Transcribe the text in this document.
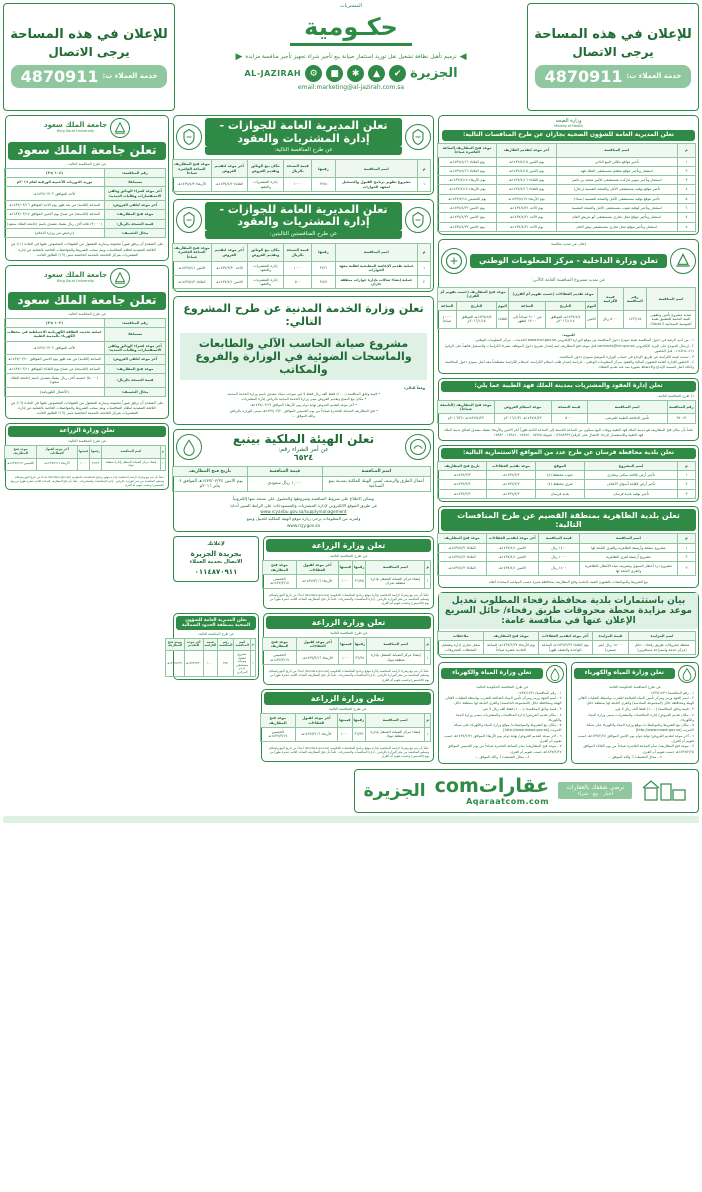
للإعلان في هذه المساحة
يرجى الاتصال
خدمة العملاء ت:
4870911
المشتريات
حكـومية
◀
ترميم تأهيل نظافة تشغيل نقل توريد استثمار صيانة بيع تأجير شراء تجهيز تأجير منافسة مزايدة
▶
الجزيرة
✔
▲
✱
■
⚙
AL-JAZIRAH
email:marketing@al-jazirah.com.sa
للإعلان في هذه المساحة
يرجى الاتصال
خدمة العملاء ت:
4870911
وزارة الصحة
Ministry of Health
تعلن المديرية العامة للشؤون الصحية بجازان عن طرح المنافسات التالية:
م	اسم المنافسة	آخر موعد لتقديم الظاريف	موعد فتح المظاريف الساعة العاشرة صباحاً
١	تأجير مواقع مكائن البيع الذاتي	يوم الاثنين ١٤٣٧/٤/١٥هـ	يوم الثلاثاء ١٤٣٧/٤/١٦هـ
٢	استثمار وتأجير موقع مطعم بمستشفى الملك فهد	يوم الاثنين ١٤٣٧/٤/١٥هـ	يوم الثلاثاء ١٤٣٧/٤/١٦هـ
٣	استثمار وتأجير سوبر ماركت بمستشفى الأمير محمد بن ناصر	يوم الثلاثاء ١٤٣٧/٤/١٦هـ	يوم الأربعاء ١٤٣٧/٤/١٧هـ
٤	تأجير موقع بوفيه بمستشفى الأمل والصحة النفسية (رجال)	يوم الثلاثاء ١٤٣٧/٤/١٦هـ	يوم الأربعاء ١٤٣٧/٤/١٧هـ
٥	تأجير موقع بوفيه بمستشفى الأمل والصحة النفسية (نساء)	يوم الأربعاء ١٤٣٧/٤/١٧هـ	يوم الخميس ١٤٣٧/٤/١٨هـ
٦	استثمار وتأجير كوفية شوب بمستشفى الأمل والصحة النفسية	يوم الأحد ١٤٣٧/٤/٢١هـ	يوم الاثنين ١٤٣٧/٤/٢٢هـ
٧	استثمار وتأجير موقع محل تجاري بمستشفى أبو عريش العام	يوم الأحد ١٤٣٧/٤/٢١هـ	يوم الاثنين ١٤٣٧/٤/٢٢هـ
٨	استثمار وتأجير موقع محل تجاري بمستشفى بيش العام	يوم الأحد ١٤٣٧/٤/٢١هـ	يوم الاثنين ١٤٣٧/٤/٢٢هـ
إعلان عن تمديد منافسة
تعلن وزارة الداخلية - مركز المعلومات الوطني
عن تمديد مشروع المنافسة العامة كالآتي:
اسم المنافسة	رقم المنافسة	قيمة الكراسة	موعد تقديم العطاءات (حسب تقويم أم القرى)			موعد فتح المظاريف (حسب تقويم أم القرى)		
			اليوم	التاريخ	الساعة	اليوم	التاريخ	الساعة
تمديد مشروع تأمين وتطوير البنية التحتية للتطبيق تقنية الحوسبة السحابية Cloud 2	١٤٣٦/١٥	٥٠٠٠ ريال	الاثنين	١٤٣٧/٤/٤هـ الموافق ٢٠١٦/١/١٤م	من ٩:٠٠ صباحاً إلى ١٢:٠٠ الظهر	الثلاثاء	١٤٣٧/٤/٥هـ الموافق ٢٠١٦/١/١٥م	١٠:٠٠ صباحاً
للتنويه:
١ - من لديه الرغبة في دخول المنافسة تعبئة نموذج دخول المنافسة من موقع الوزارة الإلكتروني www.moi.gov.sa الخدمات - مركز المعلومات الوطني.
٢ - إرسال النموذج على البريد الإلكتروني contracts@nic.gov.sa قبل موعد فتح المظاريف ليتم إصدار تصريح دخول الموظف بشراء الكراسات والتسجيل هاتفياً على الرقم/ ٠١١٤٥٦٤٠٤١٦ قبل الحضور.
٣ - تسديد قيمة الكراسة عن طريق الإيداع في حساب الوزارة الموضح بنموذج دخول المنافسة.
٤ - الحضور للإدارة العامة للشؤون المالية والعقود بمركز المعلومات الوطني - لدراسة إصدار طلب استلام الكراسة، لاستلام الكراسة مصطحباً معه أصل نموذج دخول المنافسة وكذلك أصل قسيمة الإيداع والاحتفاظ بصورة منه عند تقديم العطاء.
تعلن إدارة العقود والمشتريات بمدينة الملك فهد الطبية عما يلي:
١) طرح المنافسة التالية:
رقم المنافسة	اسم المنافسة	قيمة النسخة	موعد استلام العروض	موعد فتح المظاريف (التاسعة صباحاً)
٣٧٠١٣	تأمين الإعاشة الطبية للمرضى	٥٠٠٠	١٤٣٧/٤/٢٢هـ ٢٠١٦/١/٣١م	١٤٣٧/٤/٢٣هـ ٢٠١٦/٢/١م
علماً بأن مكان فتح المظاريف هو مدينة الملك فهد الطبية ووقت البيع سيكون من الساعة التاسعة إلى الساعة الثانية ظهراً أيام الاثنين والأربعاء بشيك مصدق لصالح مدينة الملك فهد الطبية وللاستفسار الرجاء الاتصال على الرقم/ ٠١٢٨٨٨٩٩٩ تحويلة ١٥٩٨٥ - ١٥٩٨٨ - ١٥٩٨٦ - ١٥٩٨٢
تعلن بلدية محافظة فرسان عن طرح عدد من المواقع الاستثمارية التالية:
م	اسم المشروع	الموقع	موعد تقديم العطاءات	تاريخ فتح المظاريف
١	تأجير أرض لإقامة سكني وتجاري	جنوب مخطط (٤)	١٤٣٧/٣/٢هـ	١٤٣٧/٣/٣هـ
٢	تأجير أرض لإقامة أسواق الأعلاف	شرق مخطط (٤)	١٤٣٧/٣/٢هـ	١٤٣٧/٣/٣هـ
٣	تأجير بوفيه بلدية فرسان	بلدية فرسان	١٤٣٧/٣/٢هـ	١٤٣٧/٣/٣هـ
تعلن بلدية الظاهرية بمنطقة القصيم عن طرح المنافسات التالية:
م	اسم المنافسة	قيمة المنافسة	آخر موعد لتقديم العطاءات	موعد فتح المظاريف
١	مشروع سفلتة وأرصفة الظاهرية والقرى التابعة لها	١٤٠٠ ريال	الاثنين ١٤٣٧/٤/١هـ	الثلاثاء ١٤٣٧/٤/٢هـ
٢	مشروع أرصفة لقرى الظاهرية	١٠٠٠ ريال	الاثنين ١٤٣٧/٤/١هـ	الثلاثاء ١٤٣٧/٤/٢هـ
٣	مشروع درء أخطار السيول وتصريف مياه الأمطار بالظاهرية والقرى التابعة لها	١٤٠٠ ريال	الاثنين ١٤٣٧/٤/١هـ	الثلاثاء ١٤٣٧/٤/٢هـ
بيع الشروط والمواصفات بالشؤون الفنية بالبلدية وفتح المظاريف بمحافظة عنيزة حسب المواعيد المحددة أعلاه
بيان باستثمارات بلدية محافظة رفحاء المطلوب تعديل موعد مزايدة محطة محروقات طريق رفحاء/ حائل السريع الإعلان عنها في منافسة عامة:
اسم المزايدة	قيمة المزايدة	آخر موعد لتقديم العطاءات	موعد فتح المظاريف	ملاحظات
محطة محروقات طريق رفحاء - حائل (مركز خدمة واستراحة مسافرين)	١٨٠٠٠ ريال (غير مسترد)	يوم الثلاثاء ١٤٣٧/٢/٢٩هـ الساعة الواحدة والنصف ظهراً	يوم الأربعاء ١٤٣٧/٢/٢٧هـ الساعة الحادية عشرة صباحاً	سجل تجاري إدارة وتشغيل المحطات المحروقات
تعلن وزارة المياه والكهرباء
عن طرح المنافسة الحكومية التالية:
١ - رقم المنافسة/ ١٤٣٧/١٤٣٦
٢ - اسم الجهة ورمز ومركز تأمين المياه الصالحة للشرب بواسطة النقليات لأهالي الهيئة ومحافظة حائل (المجموعة السادسة) والقرى التابعة لها بمنطقة حائل.
٣ - قيمة وثائق المنافسة/ (١٠٠٠) فقط ألف ريال لا غير.
٤ - مكان تقديم العروض/ إدارة المنافسات والمشتريات بمبنى وزارة المياه والكهرباء.
٥ - مكان بيع الشروط والمواصفات/ موقع وزارة المياه والكهرباء على شبكة الانترنت [http://www.mowe.gov.sa]
٦ - آخر موعد لتقديم العروض/ نهاية دوام يوم الاثنين الموافق ١٤٣٧/٢/٢٤هـ حسب تقويم أم القرى.
٧ - موعد فتح المظاريف/ تمام الساعة العاشرة صباحاً من يوم الثلاثاء الموافق ١٤٣٧/٢/٢٥هـ حسب تقويم أم القرى.
٨ - مجال التصنيف/ أ. والله الموفق ...
تعلن وزارة المياه والكهرباء
عن طرح المنافسة الحكومية التالية:
١ - رقم المنافسة/ ١٤٣٧/١٤٣٦
٢ - اسم الجهة ورمز ومركز تأمين المياه الصالحة للشرب بواسطة النقليات لأهالي الهيئة ومحافظة حائل (المجموعة الخامسة) والقرى التابعة لها بمنطقة حائل.
٣ - قيمة وثائق المنافسة/ (١٠٠٠) فقط ألف ريال لا غير.
٤ - مكان تقديم العروض/ إدارة المنافسات والمشتريات بمبنى وزارة المياه والكهرباء.
٥ - مكان بيع الشروط والمواصفات/ موقع وزارة المياه والكهرباء على شبكة الانترنت [http://www.mowe.gov.sa]
٦ - آخر موعد لتقديم العروض/ نهاية دوام يوم الأربعاء الموافق ١٤٣٧/٢/٢٦هـ حسب تقويم أم القرى.
٧ - موعد فتح المظاريف/ تمام الساعة العاشرة صباحاً من يوم الخميس الموافق ١٤٣٧/٢/٢٧هـ حسب تقويم أم القرى.
٨ - مجال التصنيف/ أ. والله الموفق ...
تعلن المديرية العامة للجوازات - إدارة المشتريات والعقود
عن طرح المنافسة التالية:
م	اسم المنافسة	رقمها	قيمة النسخة بالريال	مكان بيع الوثائق وتقديم العروض	آخر موعد لتقديم العروض	موعد فتح المظاريف الساعة العاشرة صباحاً
١	مشروع تطوير برنامج القبول والتسجيل لمعهد الجوازات	٣٧/٨	١٠٠٠	إدارة المشتريات والعقود	الثلاثاء ١٤٣٧/٤/٢هـ	الأربعاء ١٤٣٧/٤/٣هـ
تعلن المديرية العامة للجوازات - إدارة المشتريات والعقود
عن طرح المنافستين التاليتين:
م	اسم المنافسة	رقمها	قيمة النسخة بالريال	مكان بيع الوثائق وتقديم العروض	آخر موعد لتقديم العروض	موعد فتح المظاريف الساعة العاشرة صباحاً
١	عملية تقديم الإعاشة المطبخية لطلبة معهد الجوازات	٣٧/٦	١٠٠٠	إدارة المشتريات والعقود	الأحد ١٤٣٧/٣/٣٠هـ	الاثنين ١٤٣٧/٤/١هـ
٢	عملية إنشاء صالات بإدارة جوازات منطقة جازان	٣٧/٧	٥٠٠	إدارة المشتريات والعقود	الاثنين ١٤٣٧/٤/١هـ	الثلاثاء ١٤٣٧/٤/٢هـ
تعلن وزارة الخدمة المدنية عن طرح المشروع التالي:
مشروع صيانة الحاسب الآلي والطابعات والماسحات الضوئية في الوزارة والفروع والمكاتب
وفقاً للتالي:
• قيمة وثائق المنافسة (١٠٠٠) فقط ألف ريال فقط لا غير بموجب شيك مصدق باسم وزارة الخدمة المدنية.
• مكان بيع النسخ وتقديم العروض مبنى وزارة الخدمة المدنية بالرياض إدارة المشتريات.
• آخر موعد لتقديم العروض نهاية دوام يوم الأربعاء الموافق ١٤٣٧/٠٣/١٩هـ.
• فتح المظاريف الساعة العاشرة صباحاً من يوم الخميس الموافق ١٤٣٧/٠٣/٢٠هـ بمبنى الوزارة بالرياض.
والله الموفق ...
تعلن الهيئة الملكية بينبع
عن أمر الشراء رقم:
٦٥٢٤
اسم المنافسة	قيمة المنافسة	تاريخ فتح المظاريف
أعمال الطرق والرصف لمبنى الهيئة الملكية بمدينة ينبع الصناعية	١,٠٠٠ ريال سعودي	يوم الاثنين ١٤٣٧/٠٣/٢٤هـ الموافق ٠٤ يناير ٢٠١٦م
ويمكن الاطلاع على شروط المنافسة وشروطها والحصول على نسخة منها إلكترونياً
عن طريق الموقع الالكتروني لإدارة المشتريات والمستودعات على الرابط المبين أدناه:
www.rcyanbu.gov.sa/supplymanagement
ولمزيد من المعلومات يرجى زيارة موقع الهيئة الملكية للجبيل وينبع
www.rcjy.gov.sa
تعلن وزارة الزراعة
عن طرح المنافسة التالية:
م	اسم المنافسة	رقمها	قيمتها	آخر موعد لقبول العطاءات	موعد فتح المظاريف
١	إنشاء مركز الصيانة المتنقل بإدارة منطقة نجران	٣٦/٣٥	١٠٠٠	الأربعاء ١٤٣٧/٣/١٦هـ	الخميس ١٤٣٧/٣/١٧هـ
علماً بأن يتم بيع وشراء كراسة المنافسة بإدارة موقع برنامج المنافسات الحكومية (tenders.gov.sa) ابتداءً من تاريخ البيع واستلام وتسليم المنافسة من مقر الوزارة بالرياض - إدارة المنافسات والمشتريات. علماً بأن فتح المظاريف الساعة الثانية عشرة ظهراً من يوم (الخميس) وحسب تقويم أم القرى.
لإعلانك
بجريدة الجزيرة
الاتصال بخدمة العملاء
٠١١٤٨٧٠٩١١
تعلن وزارة الزراعة
عن طرح المنافسة التالية:
م	اسم المنافسة	رقمها	قيمتها	آخر موعد لقبول العطاءات	موعد فتح المظاريف
١	إنشاء مركز الصيانة المتنقل بإدارة منطقة تبوك	٣٦/٣٤	١٠٠٠	الأربعاء ١٤٣٧/٣/١٦هـ	الخميس ١٤٣٧/٣/١٧هـ
علماً بأن يتم بيع وشراء كراسة المنافسة بإدارة موقع برنامج المنافسات الحكومية (tenders.gov.sa) ابتداءً من تاريخ البيع واستلام وتسليم المنافسة من مقر الوزارة بالرياض - إدارة المنافسات والمشتريات. علماً بأن فتح المظاريف الساعة الثانية عشرة ظهراً من يوم (الخميس) وحسب تقويم أم القرى.
تعلن المديرية العامة للشؤون الصحية بمنطقة الحدود الشمالية
عن طرح المنافسة التالية:
م	اسم المنافسة	رقم المنافسة	قيمة الكراسة	آخر موعد للتقديم	موعد فتح المظاريف
١	مشروع تشغيل وصيانة مستشفى عرعر المركزي	٣٧/١	١٠٠٠	١٤٣٧/٣/٢٠هـ	١٤٣٧/٣/٢١هـ
تعلن وزارة الزراعة
عن طرح المنافسة التالية:
م	اسم المنافسة	رقمها	قيمتها	آخر موعد لقبول العطاءات	موعد فتح المظاريف
١	إنشاء مركز الصيانة المتنقل بإدارة منطقة تبوك	٣٦/٣٣	١٠٠٠	الأربعاء ١٤٣٧/٣/١٦هـ	الخميس ١٤٣٧/٣/١٧هـ
علماً بأن يتم بيع وشراء كراسة المنافسة بإدارة موقع برنامج المنافسات الحكومية (tenders.gov.sa) ابتداءً من تاريخ البيع واستلام وتسليم المنافسة من مقر الوزارة بالرياض - إدارة المنافسات والمشتريات. علماً بأن فتح المظاريف الساعة الثانية عشرة ظهراً من يوم (الخميس) وحسب تقويم أم القرى.
جامعة الملك سعود
King Saud University
تعلن جامعة الملك سعود
عن طرح المنافسة التالية:
رقم المنافسة:	(١٠٤ /٣٦)
مسماها:	توريد الدوريات الأجنبية الورقية لعام ٢٠١٦م
آخر موعد لشراء الوثائق وتلقي الاستفسارات وطلبات التمديد:	الأحد الموافق ١٤٣٧/٠٣/٠٢هـ
آخر موعد لتلقي العروض:	الساعة (الثانية) من بعد ظهر يوم الأحد الموافق ١٤٣٧/٠٣/١٦هـ
موعد فتح المظاريف:	الساعة (التاسعة) من صباح يوم الاثنين الموافق ١٤٣٧/٠٣/١٧هـ
قيمة النسخة بالريال:	(٣,٠٠٠) ثلاثة آلاف ريال بشيك مصدق باسم (جامعة الملك سعود)
مجال التصنيف:	(ترخيص من وزارة الإعلام)
على المتقدم أن يرفق صوراً مختومة وسارية المفعول من الشهادات المنصوص عليها في المادة (١١) من اللائحة التنفيذية لنظام المنافسات ويتم سحب الشروط والمواصفات الخاصة بالعملية من إدارة المشتريات بمركز الجامعة بالمدينة الجامعية مبنى (١٩) الطابق الثالث.
جامعة الملك سعود
King Saud University
تعلن جامعة الملك سعود
عن طرح المنافسة التالية:
رقم المنافسة:	(١٠٢ /٣٦)
مسماها:	عملية تحديث الطاقة الكهربائية الاحتياطية في محطات الكهرباء بالمدينة الطبية
آخر موعد لشراء الوثائق وتلقي الاستفسارات وطلبات التمديد:	الأحد الموافق ١٤٣٧/٠٣/٠٢هـ
آخر موعد لتلقي العروض:	الساعة (الثانية) من بعد ظهر يوم الاثنين الموافق ١٤٣٧/٠٣/١٠هـ
موعد فتح المظاريف:	الساعة (التاسعة) من صباح يوم الثلاثاء الموافق ١٤٣٧/٠٣/١١هـ
قيمة النسخة بالريال:	(٥,٠٠٠) خمسة آلاف ريال بشيك مصدق باسم (جامعة الملك سعود)
مجال التصنيف:	(الأعمال الكهربائية)
على المتقدم أن يرفق صوراً مختومة وسارية المفعول من الشهادات المنصوص عليها في المادة (١٦) من اللائحة التنفيذية لنظام المنافسات ويتم سحب الشروط والمواصفات الخاصة بالعملية من إدارة المشتريات بمركز الجامعة بالمدينة الجامعية مبنى (١٩) الطابق الثالث.
تعلن وزارة الزراعة
عن طرح المنافسة التالية:
م	اسم المنافسة	رقمها	قيمتها	آخر موعد لقبول العطاءات	موعد فتح المظاريف
١	إنشاء مركز الصيانة المتنقل بإدارة منطقة تبوك	٣٦/٣٣	١٠٠٠	الأربعاء ١٤٣٧/٣/١٦هـ	الخميس ١٤٣٧/٣/١٧هـ
علماً بأن يتم بيع وشراء كراسة المنافسة بإدارة موقع برنامج المنافسات الحكومية (tenders.gov.sa) ابتداءً من تاريخ البيع واستلام وتسليم المنافسة من مقر الوزارة بالرياض - إدارة المنافسات والمشتريات. علماً بأن فتح المظاريف الساعة الثانية عشرة ظهراً من يوم (الخميس) وحسب تقويم أم القرى.
نرضى شغفك بالعقارات
أخبار · بيع · شراء
عقاراتcom
Aqaraatcom.com
الجزيرة
